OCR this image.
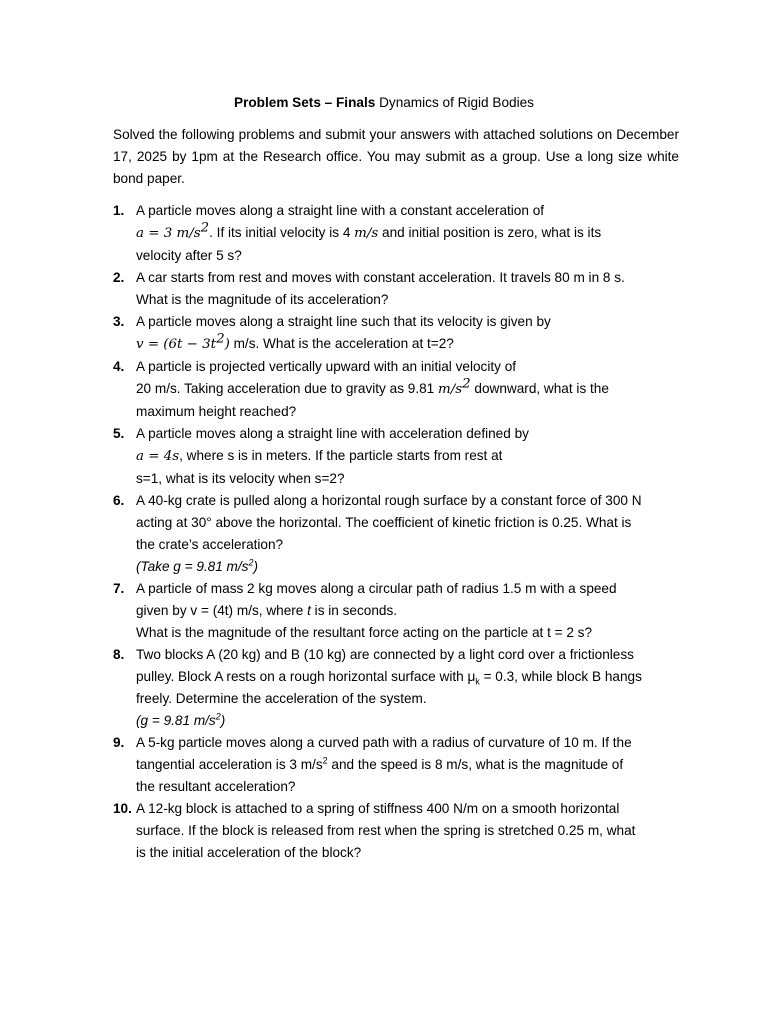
Problem Sets – Finals Dynamics of Rigid Bodies
Solved the following problems and submit your answers with attached solutions on December 17, 2025 by 1pm at the Research office. You may submit as a group. Use a long size white bond paper.
1. A particle moves along a straight line with a constant acceleration of
a = 3 $m/s^2$. If its initial velocity is 4 m/s and initial position is zero, what is its
velocity after 5 s?
2. A car starts from rest and moves with constant acceleration. It travels 80 m in 8 s.
What is the magnitude of its acceleration?
3. A particle moves along a straight line such that its velocity is given by
$v = (6t - 3t^2)$ m/s. What is the acceleration at t=2?
4. A particle is projected vertically upward with an initial velocity of
20 m/s. Taking acceleration due to gravity as 9.81 $m/s^2$ downward, what is the
maximum height reached?
5. A particle moves along a straight line with acceleration defined by
a = 4s, where s is in meters. If the particle starts from rest at
s=1, what is its velocity when s=2?
6. A 40-kg crate is pulled along a horizontal rough surface by a constant force of 300 N
acting at 30° above the horizontal. The coefficient of kinetic friction is 0.25. What is
the crate’s acceleration?
(Take g = 9.81 $m/s^2$)
7. A particle of mass 2 kg moves along a circular path of radius 1.5 m with a speed
given by v = (4t) m/s, where t is in seconds.
What is the magnitude of the resultant force acting on the particle at t = 2 s?
8. Two blocks A (20 kg) and B (10 kg) are connected by a light cord over a frictionless
pulley. Block A rests on a rough horizontal surface with $\mu_k = 0.3$, while block B hangs
freely. Determine the acceleration of the system.
(g = 9.81 $m/s^2$)
9. A 5-kg particle moves along a curved path with a radius of curvature of 10 m. If the
tangential acceleration is 3 $m/s^2$ and the speed is 8 m/s, what is the magnitude of
the resultant acceleration?
10. A 12-kg block is attached to a spring of stiffness 400 N/m on a smooth horizontal
surface. If the block is released from rest when the spring is stretched 0.25 m, what
is the initial acceleration of the block?
